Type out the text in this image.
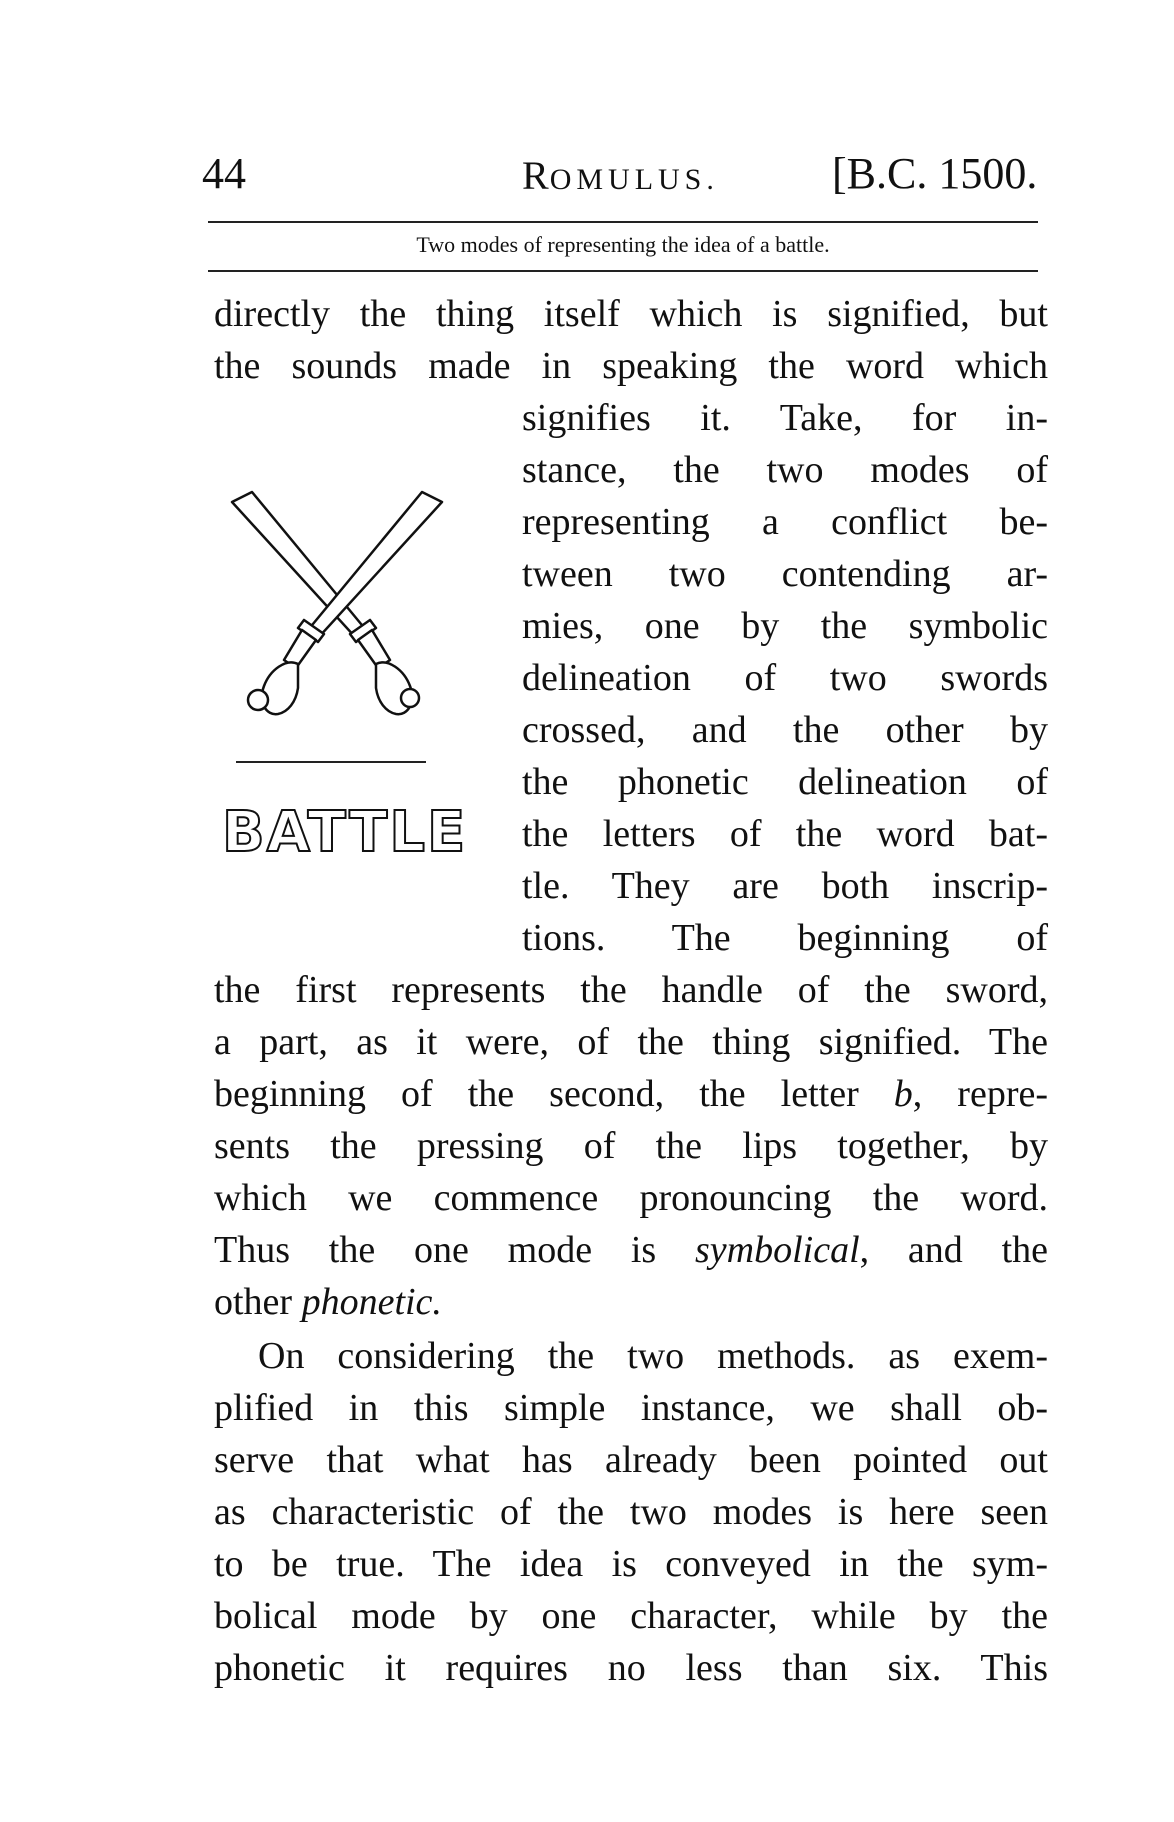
44	ROMULUS.	[B.C. 1500.
Two modes of representing the idea of a battle.
directly the thing itself which is signified, but
the sounds made in speaking the word which
signifies it. Take, for in-
stance, the two modes of
representing a conflict be-
tween two contending ar-
mies, one by the symbolic
delineation of two swords
crossed, and the other by
the phonetic delineation of
the letters of the word bat-
tle. They are both inscrip-
tions. The beginning of
the first represents the handle of the sword,
a part, as it were, of the thing signified. The
beginning of the second, the letter b, repre-
sents the pressing of the lips together, by
which we commence pronouncing the word.
Thus the one mode is symbolical, and the
other phonetic.
On considering the two methods. as exem-
plified in this simple instance, we shall ob-
serve that what has already been pointed out
as characteristic of the two modes is here seen
to be true. The idea is conveyed in the sym-
bolical mode by one character, while by the
phonetic it requires no less than six. This
BATTLE
